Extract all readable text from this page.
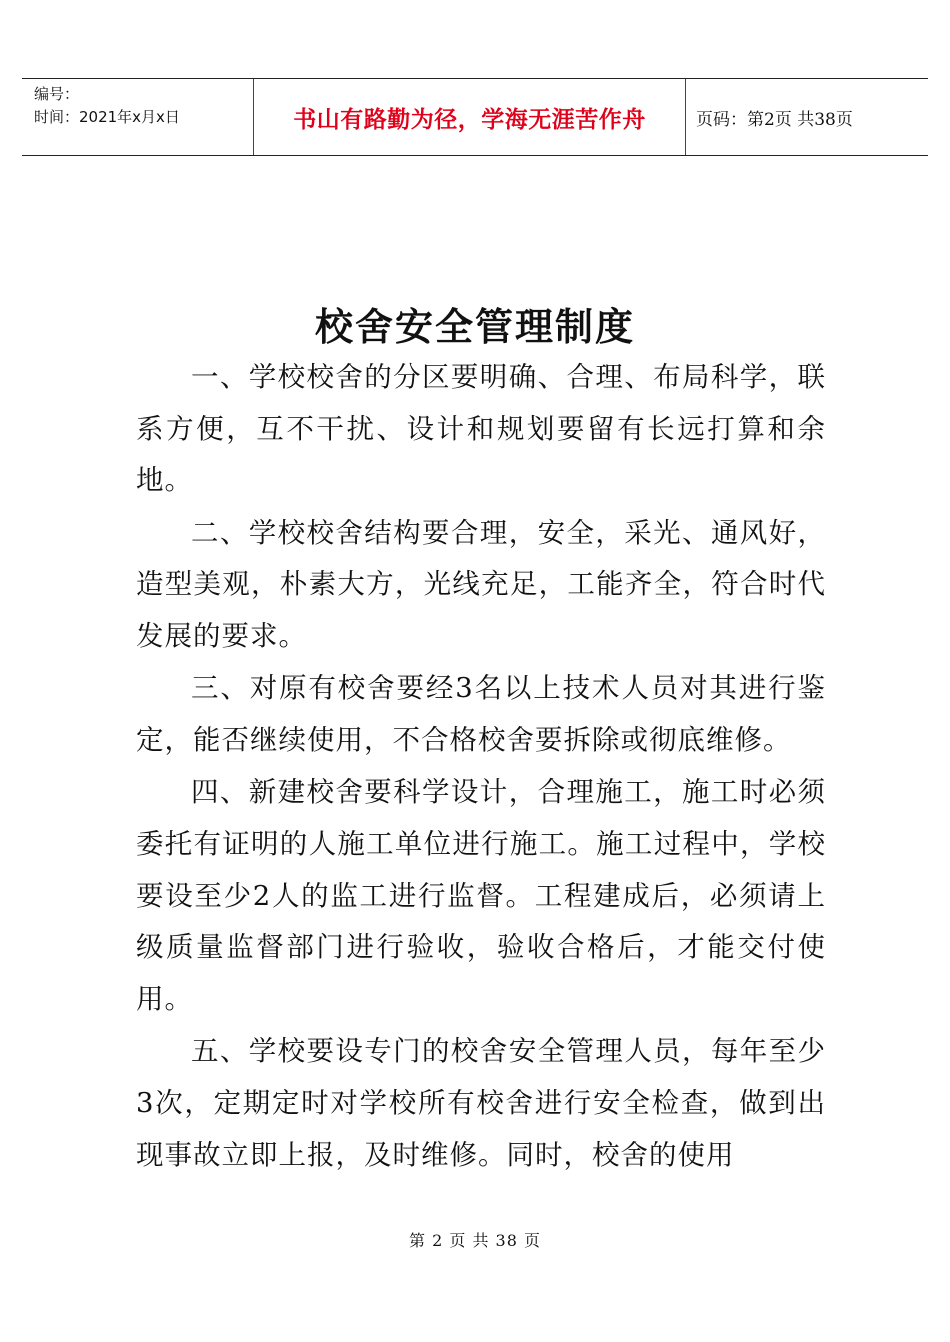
编号：
时间：2021年x月x日	书山有路勤为径，学海无涯苦作舟	页码：第2页 共38页
校舍安全管理制度

一、学校校舍的分区要明确、合理、布局科学，联系方便，互不干扰、设计和规划要留有长远打算和余地。

二、学校校舍结构要合理，安全，采光、通风好，造型美观，朴素大方，光线充足，工能齐全，符合时代发展的要求。

三、对原有校舍要经3名以上技术人员对其进行鉴定，能否继续使用，不合格校舍要拆除或彻底维修。

四、新建校舍要科学设计，合理施工，施工时必须委托有证明的人施工单位进行施工。施工过程中，学校要设至少2人的监工进行监督。工程建成后，必须请上级质量监督部门进行验收，验收合格后，才能交付使用。

五、学校要设专门的校舍安全管理人员，每年至少3次，定期定时对学校所有校舍进行安全检查，做到出现事故立即上报，及时维修。同时，校舍的使用

第 2 页 共 38 页
